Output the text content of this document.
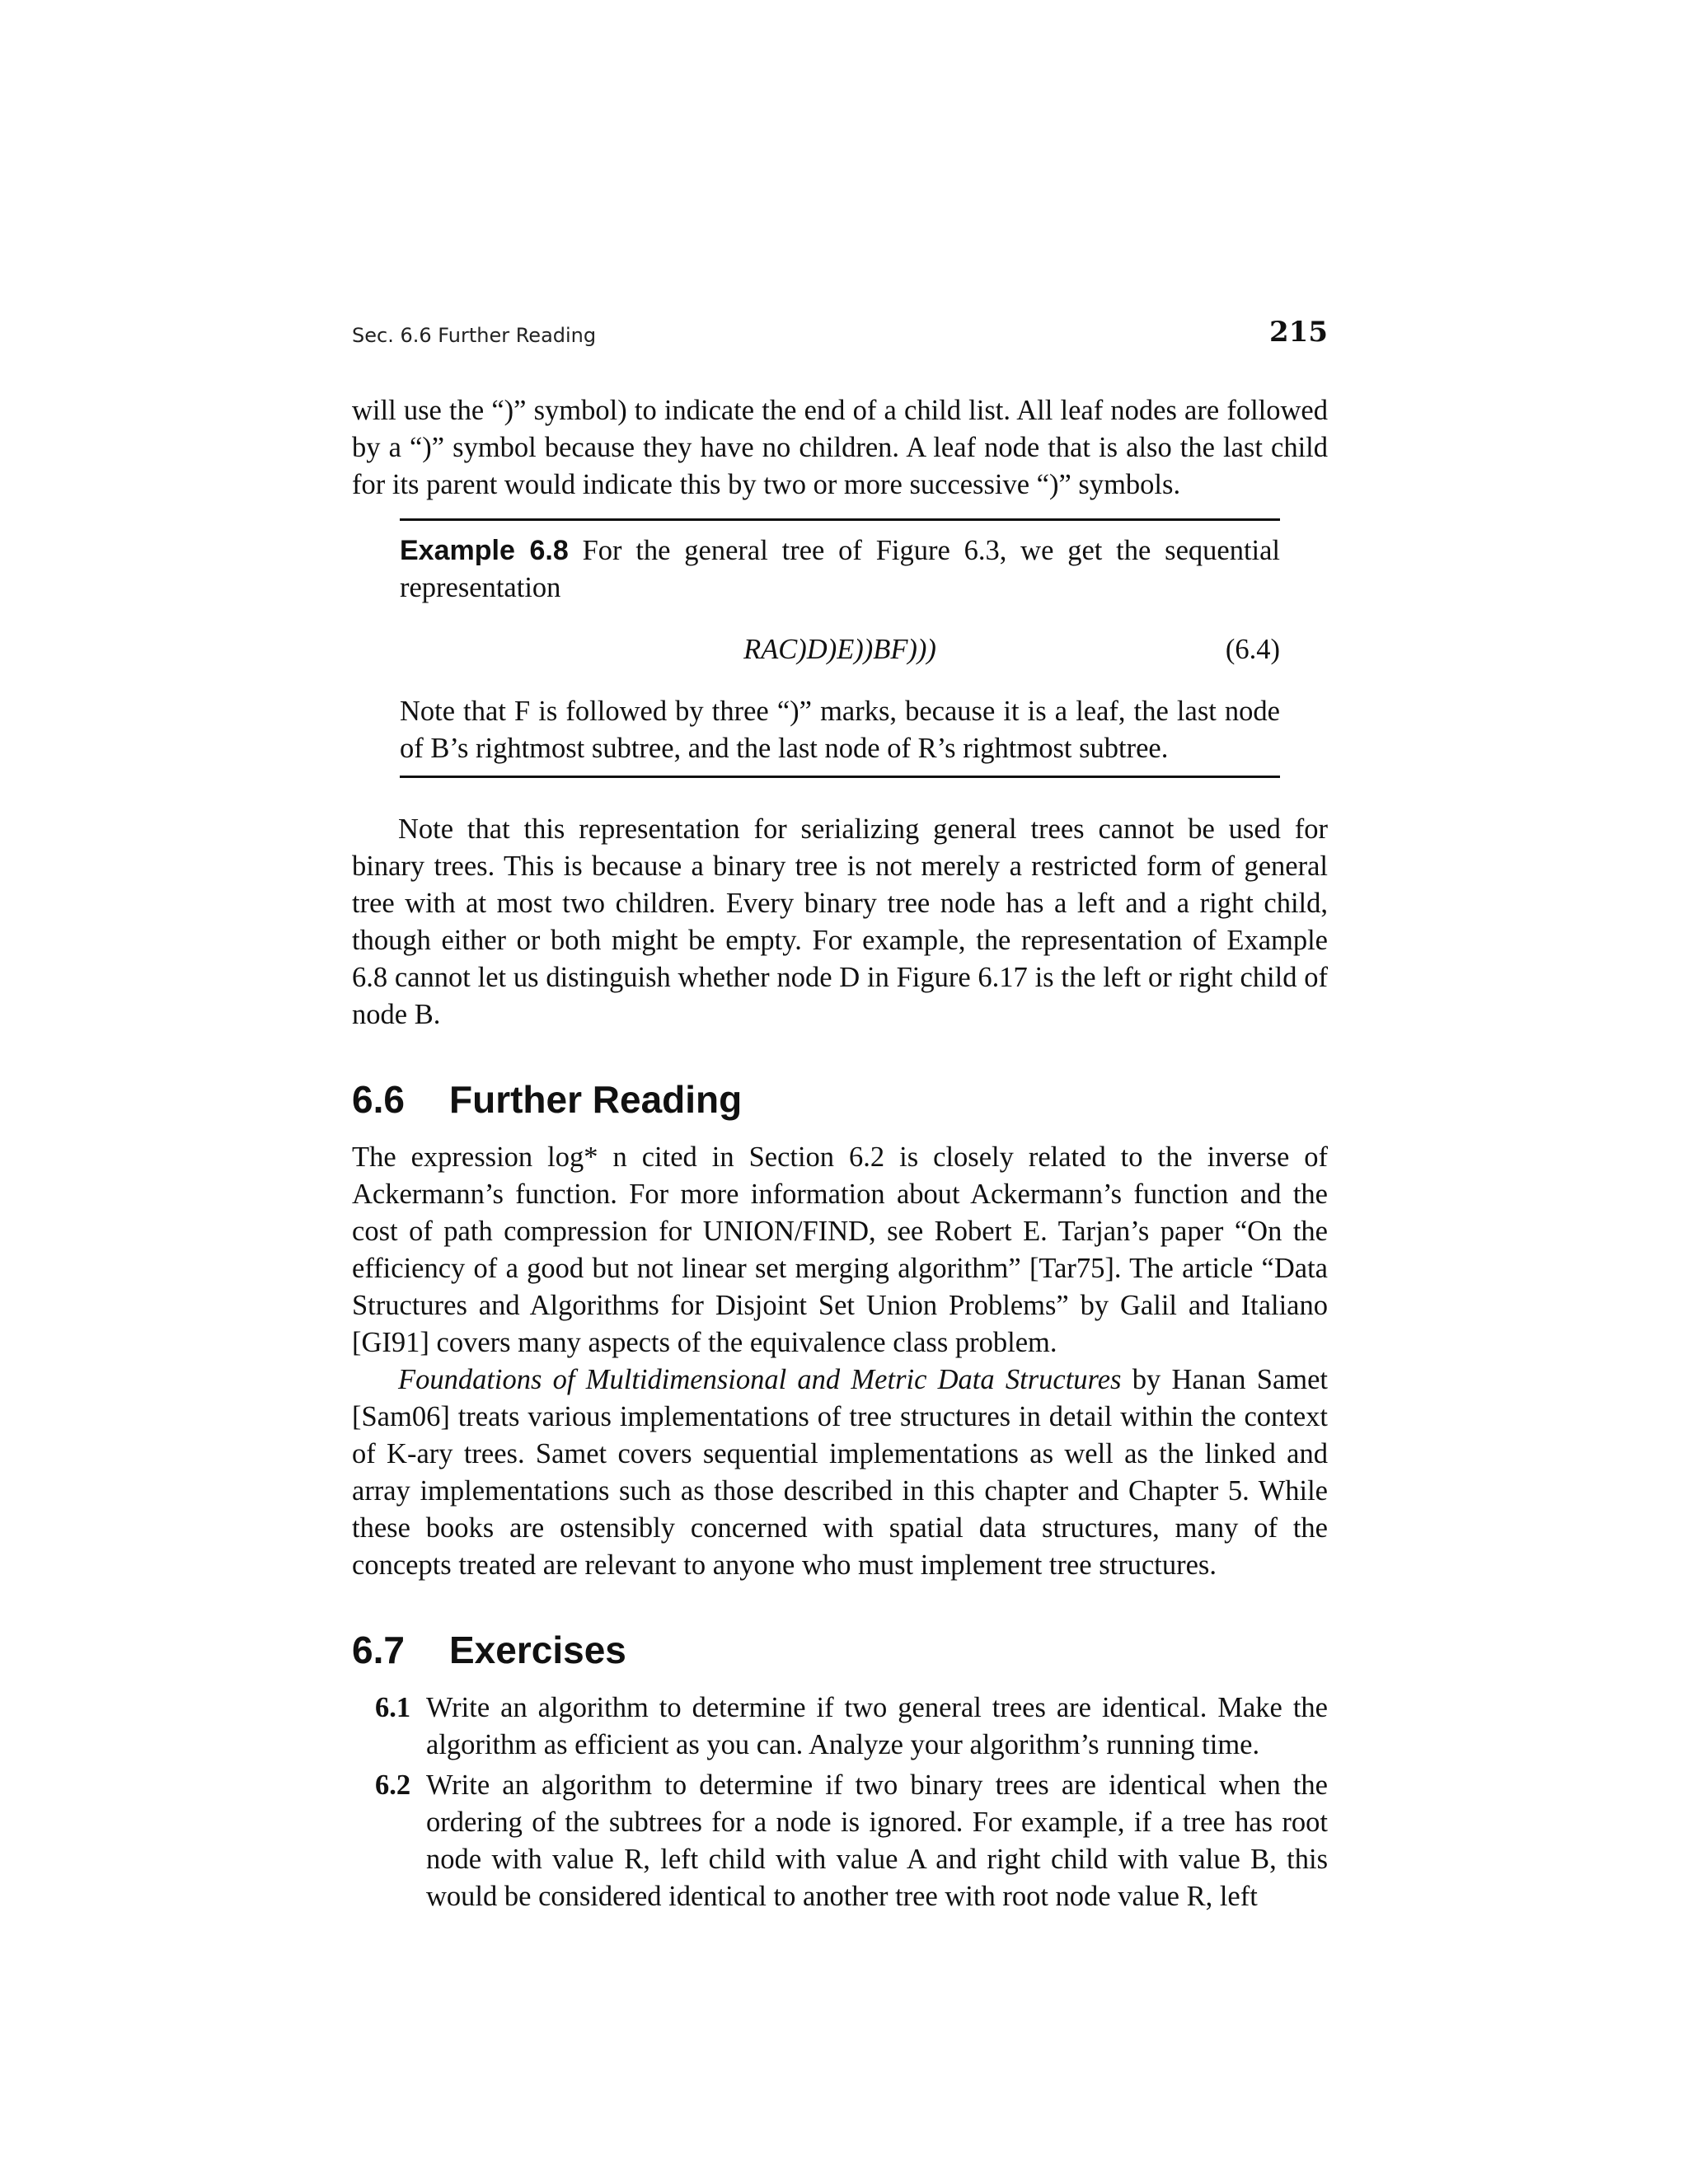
Sec. 6.6 Further Reading	215

will use the “)” symbol) to indicate the end of a child list. All leaf nodes are followed by a “)” symbol because they have no children. A leaf node that is also the last child for its parent would indicate this by two or more successive “)” symbols.

Example 6.8 For the general tree of Figure 6.3, we get the sequential representation

RAC)D)E))BF)))	(6.4)

Note that F is followed by three “)” marks, because it is a leaf, the last node of B’s rightmost subtree, and the last node of R’s rightmost subtree.

Note that this representation for serializing general trees cannot be used for binary trees. This is because a binary tree is not merely a restricted form of general tree with at most two children. Every binary tree node has a left and a right child, though either or both might be empty. For example, the representation of Example 6.8 cannot let us distinguish whether node D in Figure 6.17 is the left or right child of node B.

6.6 Further Reading

The expression log* n cited in Section 6.2 is closely related to the inverse of Ackermann’s function. For more information about Ackermann’s function and the cost of path compression for UNION/FIND, see Robert E. Tarjan’s paper “On the efficiency of a good but not linear set merging algorithm” [Tar75]. The article “Data Structures and Algorithms for Disjoint Set Union Problems” by Galil and Italiano [GI91] covers many aspects of the equivalence class problem.

Foundations of Multidimensional and Metric Data Structures by Hanan Samet [Sam06] treats various implementations of tree structures in detail within the context of K-ary trees. Samet covers sequential implementations as well as the linked and array implementations such as those described in this chapter and Chapter 5. While these books are ostensibly concerned with spatial data structures, many of the concepts treated are relevant to anyone who must implement tree structures.

6.7 Exercises
6.1 Write an algorithm to determine if two general trees are identical. Make the algorithm as efficient as you can. Analyze your algorithm’s running time.

6.2 Write an algorithm to determine if two binary trees are identical when the ordering of the subtrees for a node is ignored. For example, if a tree has root node with value R, left child with value A and right child with value B, this would be considered identical to another tree with root node value R, left
